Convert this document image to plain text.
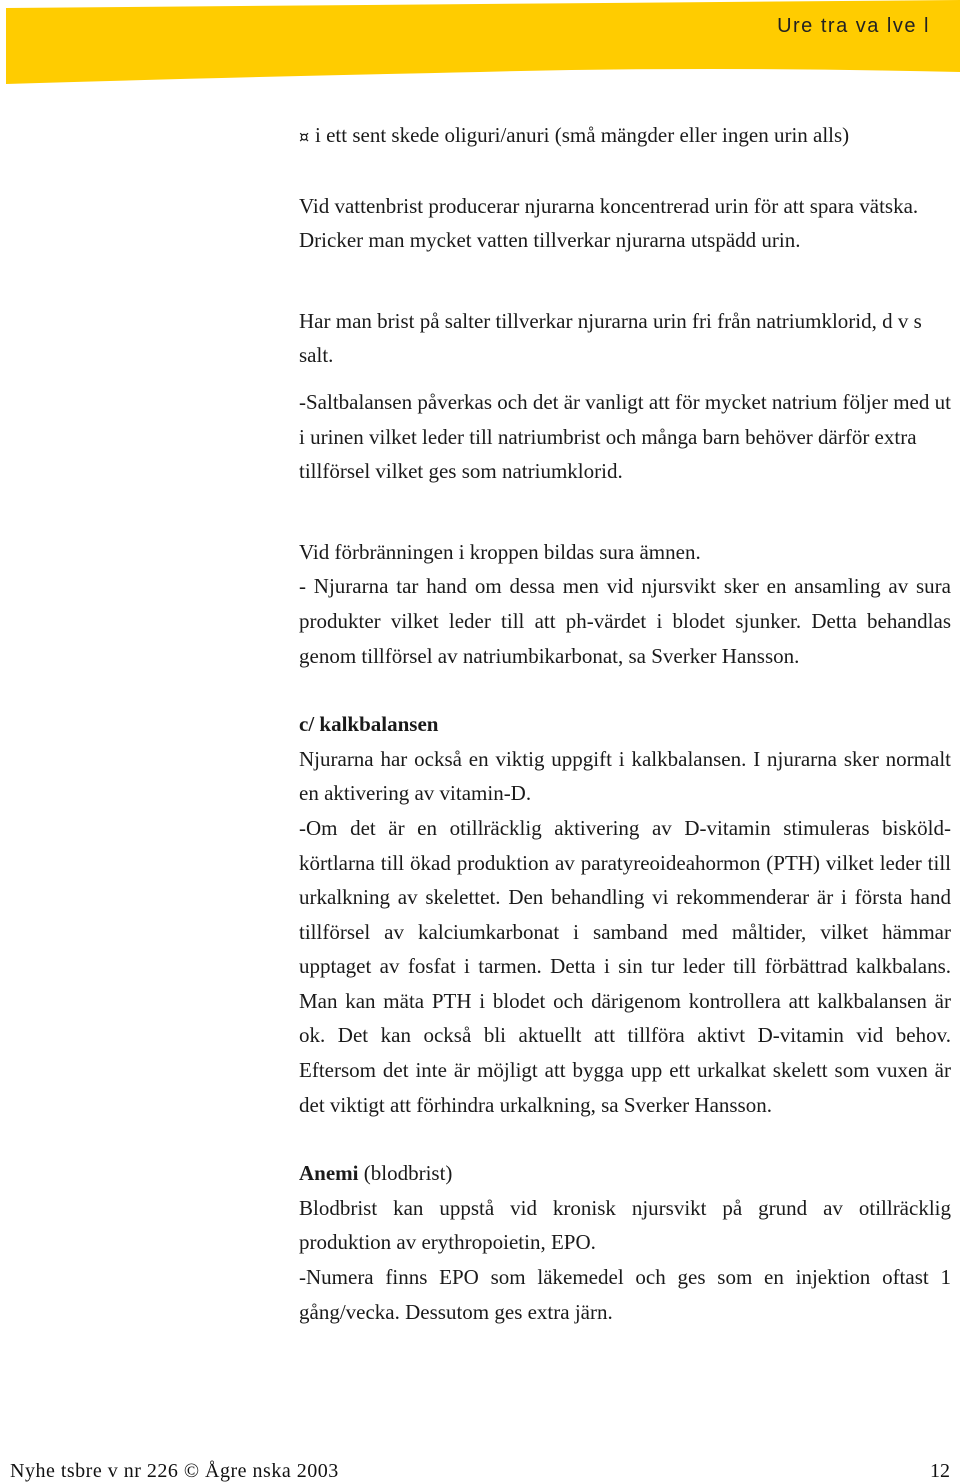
Ure tra va lve l

¤ i ett sent skede oliguri/anuri (små mängder eller ingen urin alls)

Vid vattenbrist producerar njurarna koncentrerad urin för att spara vätska. Dricker man mycket vatten tillverkar njurarna utspädd urin.

Har man brist på salter tillverkar njurarna urin fri från natriumklorid, d v s salt.

-Saltbalansen påverkas och det är vanligt att för mycket natrium följer med ut i urinen vilket leder till natriumbrist och många barn behöver därför extra tillförsel vilket ges som natriumklorid.

Vid förbränningen i kroppen bildas sura ämnen.

- Njurarna tar hand om dessa men vid njursvikt sker en ansamling av sura produkter vilket leder till att ph-värdet i blodet sjunker. Detta behandlas genom tillförsel av natriumbikarbonat, sa Sverker Hansson.

c/ kalkbalansen

Njurarna har också en viktig uppgift i kalkbalansen. I njurarna sker normalt en aktivering av vitamin-D.

-Om det är en otillräcklig aktivering av D-vitamin stimuleras bisköld-körtlarna till ökad produktion av paratyreoideahormon (PTH) vilket leder till urkalkning av skelettet. Den behandling vi rekommenderar är i första hand tillförsel av kalciumkarbonat i samband med måltider, vilket hämmar upptaget av fosfat i tarmen. Detta i sin tur leder till förbättrad kalkbalans. Man kan mäta PTH i blodet och därigenom kontrollera att kalkbalansen är ok. Det kan också bli aktuellt att tillföra aktivt D-vitamin vid behov. Eftersom det inte är möjligt att bygga upp ett urkalkat skelett som vuxen är det viktigt att förhindra urkalkning, sa Sverker Hansson.

Anemi (blodbrist)

Blodbrist kan uppstå vid kronisk njursvikt på grund av otillräcklig produktion av erythropoietin, EPO.

-Numera finns EPO som läkemedel och ges som en injektion oftast 1 gång/vecka. Dessutom ges extra järn.

Nyhe tsbre v nr 226 © Ågre nska 2003	12
